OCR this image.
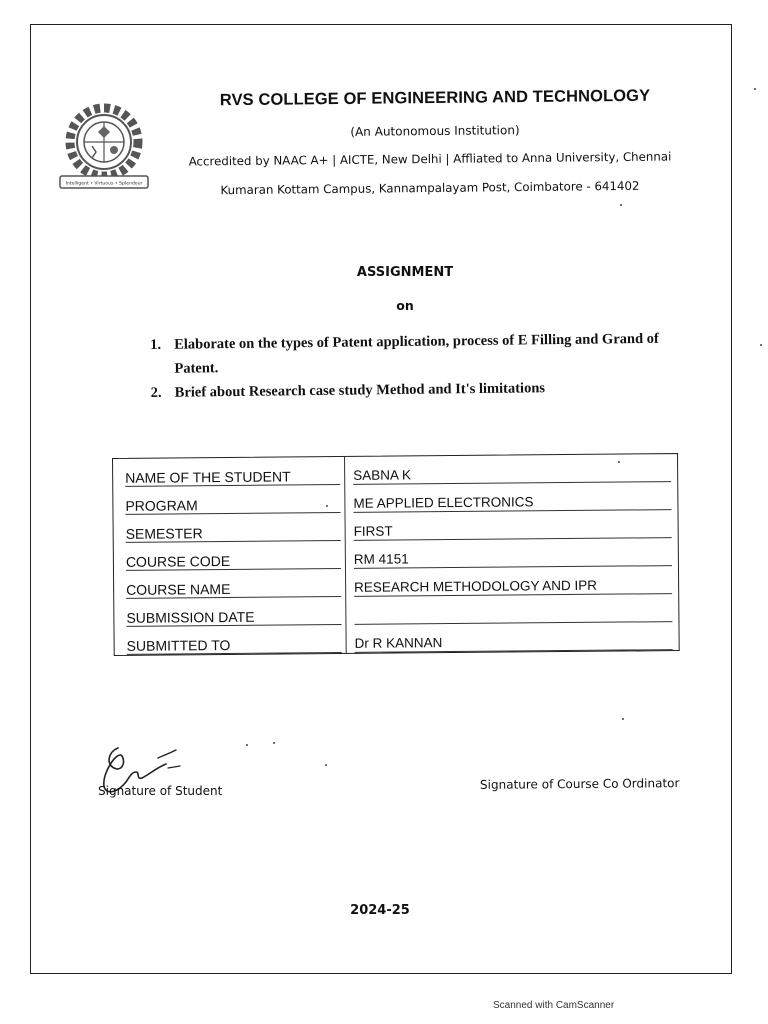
Intelligent • Virtuous • Splendour
RVS COLLEGE OF ENGINEERING AND TECHNOLOGY
(An Autonomous Institution)
Accredited by NAAC A+ | AICTE, New Delhi | Affliated to Anna University, Chennai
Kumaran Kottam Campus, Kannampalayam Post, Coimbatore - 641402
ASSIGNMENT
on
1. Elaborate on the types of Patent application, process of E Filling and Grand of Patent.
2. Brief about Research case study Method and It's limitations
NAME OF THE STUDENT	SABNA K
PROGRAM	ME APPLIED ELECTRONICS
SEMESTER	FIRST
COURSE CODE	RM 4151
COURSE NAME	RESEARCH METHODOLOGY AND IPR
SUBMISSION DATE
SUBMITTED TO	Dr R KANNAN
Signature of Student	Signature of Course Co Ordinator
2024-25
Scanned with CamScanner
